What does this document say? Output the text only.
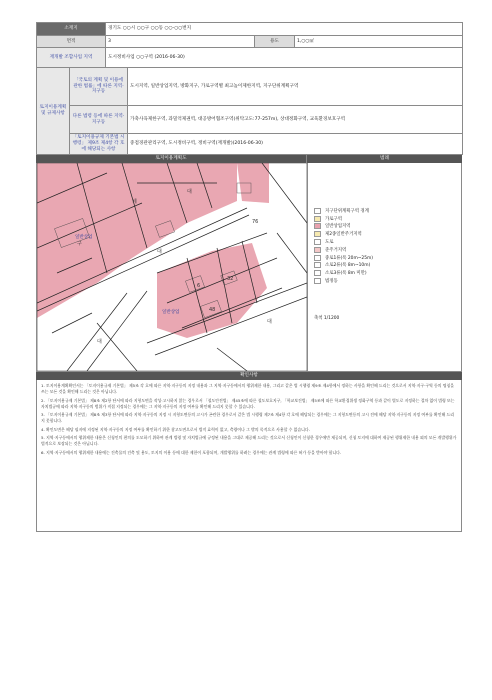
소재지		경기도 ○○시 ○○구 ○○동 ○○-○○번지			
면적		3		용도	1,○○㎡
재개발 조합사업 지역		도시정비사업 ○○구역 (2016-06-30)			
토지이용계획 및 규제사항	「국토의 계획 및 이용에 관한 법률」에 따른 지역·지구등		도시지역, 일반상업지역, 방화지구, 가로구역별 최고높이제한지역, 지구단위계획구역		
	다른 법령 등에 따른 지역·지구등		가축사육제한구역, 과밀억제권역, 대공방어협조구역(위탁고도:77-257m), 상대정화구역, 교육환경보호구역		
	「토지이용규제 기본법 시행령」 제9조 제4항 각 호에 해당되는 사항		중점경관관리구역, 도시정비구역, 정비구역(재개발)(2016-06-30)		
토지이용계획도	범례
구
제
대
대
6
32
48
대
76
대
일반상업
일반상업
지구단위계획구역 경계
가로구역
일반상업지역
제2종일반주거지역
도로
준주거지역
중로1류(폭 20m~25m)
소로2류(폭 8m~10m)
소로3류(폭 8m 미만)
법정동
축척 1/1200
확인사항

1. 토지이용계획확인서는 「토지이용규제 기본법」 제5조 각 호에 따른 지역·지구등의 지정 내용과 그 지역·지구등에서의 행위제한 내용, 그리고 같은 법 시행령 제9조 제4항에서 정하는 사항을 확인해 드리는 것으로서 지역·지구·구역 등의 명칭을 쓰는 모든 것을 확인해 드리는 것은 아닙니다.

2. 「토지이용규제 기본법」 제8조 제2항 단서에 따라 지형도면을 작성·고시하지 않는 경우로서 「철도안전법」 제45조에 따른 철도보호지구, 「학교보건법」 제5조에 따른 학교환경위생 정화구역 등과 같이 별도로 지정하는 절차 없이 법령 또는 자치법규에 따라 지역·지구등의 범위가 직접 지정되는 경우에는 그 지역·지구등의 지정 여부를 확인해 드리지 못할 수 있습니다.

3. 「토지이용규제 기본법」 제8조 제3항 단서에 따라 지역·지구등의 지정 시 지형도면등의 고시가 곤란한 경우로서 같은 법 시행령 제7조 제4항 각 호에 해당되는 경우에는 그 지형도면등의 고시 전에 해당 지역·지구등의 지정 여부를 확인해 드리지 못합니다.

4. 확인도면은 해당 필지에 지정된 지역·지구등의 지정 여부를 확인하기 위한 참고도면으로서 법적 효력이 없고, 측량이나 그 밖의 목적으로 사용할 수 없습니다.

5. 지역·지구등에서의 행위제한 내용은 신청인의 편의를 도모하기 위하여 관계 법령 및 자치법규에 규정된 내용을 그대로 제공해 드리는 것으로서 신청인이 신청한 경우에만 제공되며, 신청 토지에 대하여 제공된 행위제한 내용 외의 모든 개발행위가 법적으로 보장되는 것은 아닙니다.

6. 지역·지구등에서의 행위제한 내용에는 건축물의 건축 및 용도, 토지의 이용 등에 대한 제한이 포함되며, 개발행위를 하려는 경우에는 관계 법령에 따른 허가 등을 받아야 합니다.
